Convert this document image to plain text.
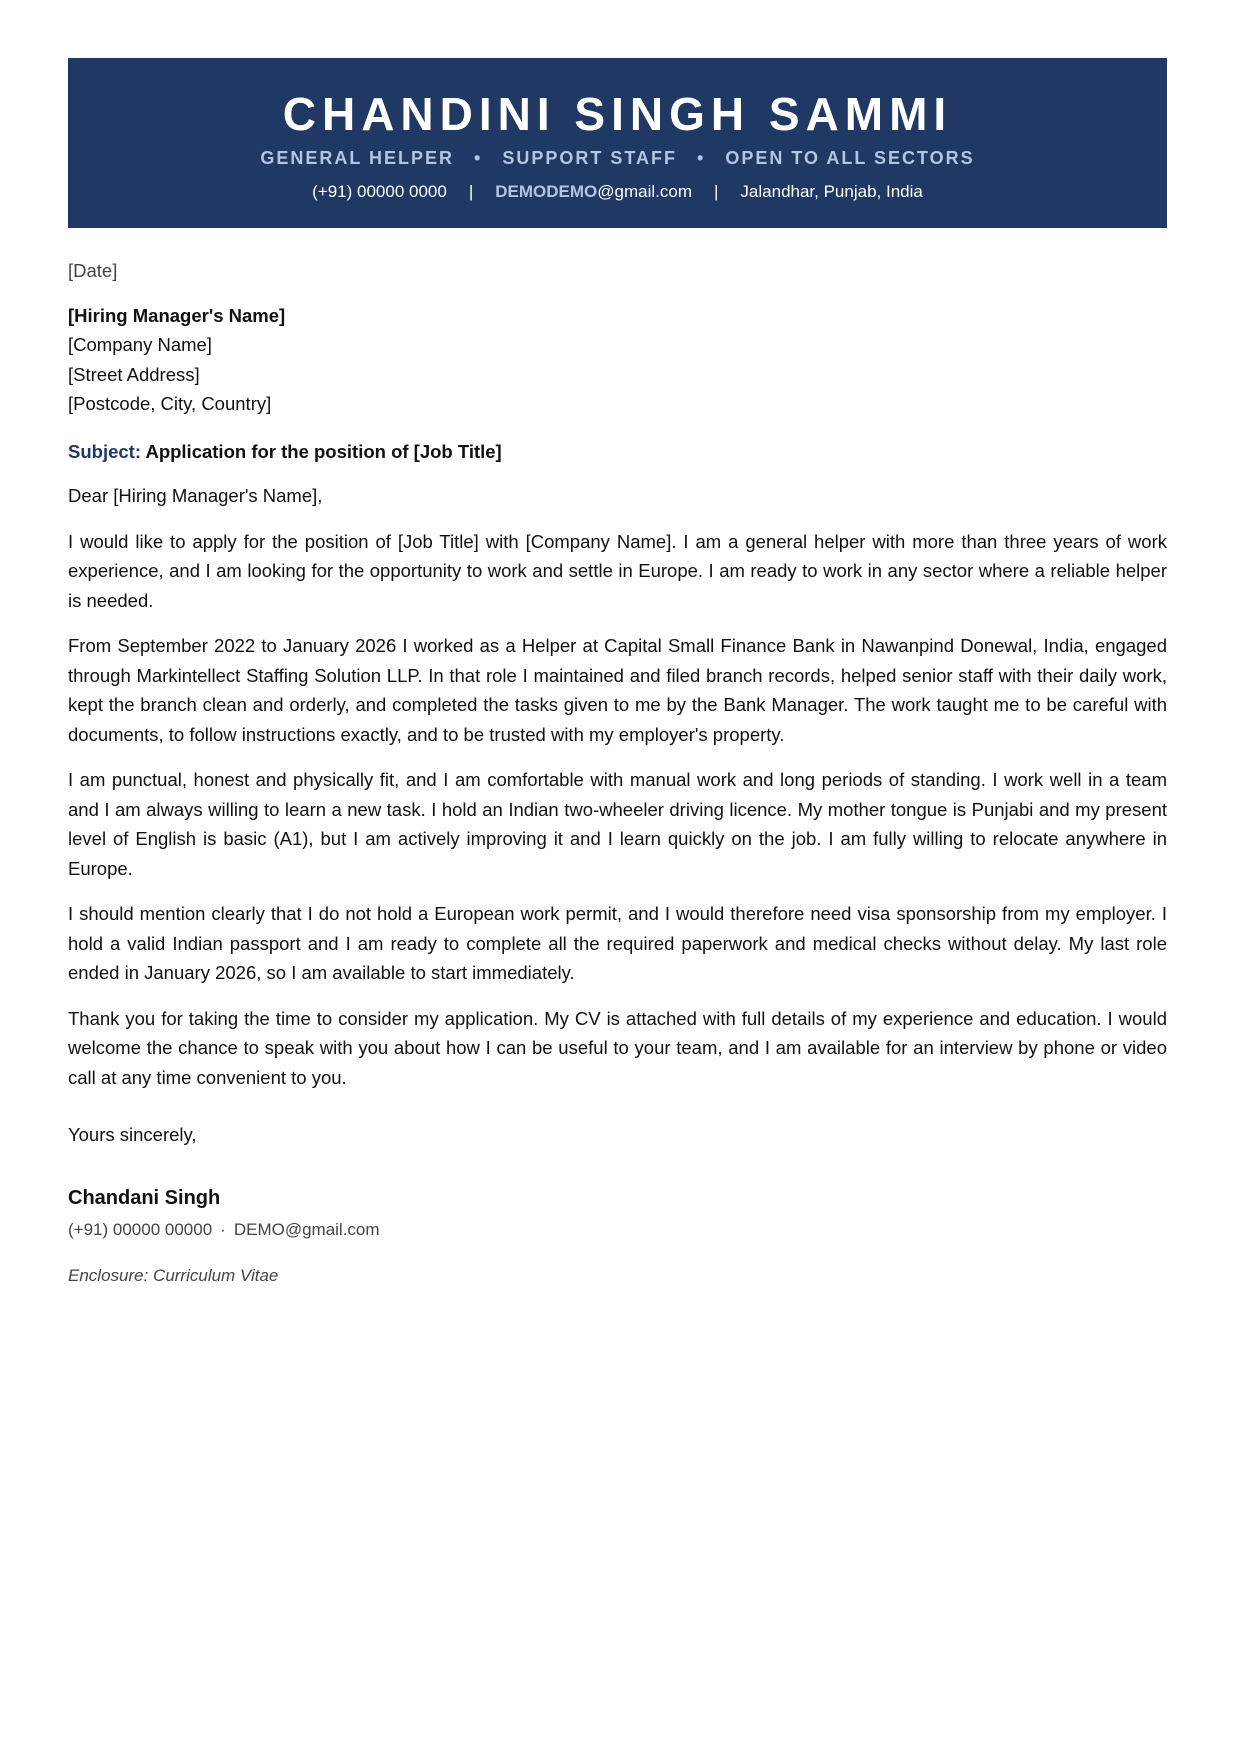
CHANDINI SINGH SAMMI
GENERAL HELPER • SUPPORT STAFF • OPEN TO ALL SECTORS
(+91) 00000 0000 | DEMODEMO@gmail.com | Jalandhar, Punjab, India

[Date]

[Hiring Manager's Name]

[Company Name]

[Street Address]

[Postcode, City, Country]

Subject: Application for the position of [Job Title]

Dear [Hiring Manager's Name],

I would like to apply for the position of [Job Title] with [Company Name]. I am a general helper with more than three years of work experience, and I am looking for the opportunity to work and settle in Europe. I am ready to work in any sector where a reliable helper is needed.

From September 2022 to January 2026 I worked as a Helper at Capital Small Finance Bank in Nawanpind Donewal, India, engaged through Markintellect Staffing Solution LLP. In that role I maintained and filed branch records, helped senior staff with their daily work, kept the branch clean and orderly, and completed the tasks given to me by the Bank Manager. The work taught me to be careful with documents, to follow instructions exactly, and to be trusted with my employer's property.

I am punctual, honest and physically fit, and I am comfortable with manual work and long periods of standing. I work well in a team and I am always willing to learn a new task. I hold an Indian two-wheeler driving licence. My mother tongue is Punjabi and my present level of English is basic (A1), but I am actively improving it and I learn quickly on the job. I am fully willing to relocate anywhere in Europe.

I should mention clearly that I do not hold a European work permit, and I would therefore need visa sponsorship from my employer. I hold a valid Indian passport and I am ready to complete all the required paperwork and medical checks without delay. My last role ended in January 2026, so I am available to start immediately.

Thank you for taking the time to consider my application. My CV is attached with full details of my experience and education. I would welcome the chance to speak with you about how I can be useful to your team, and I am available for an interview by phone or video call at any time convenient to you.

Yours sincerely,

Chandani Singh

(+91) 00000 00000 · DEMO@gmail.com

Enclosure: Curriculum Vitae
